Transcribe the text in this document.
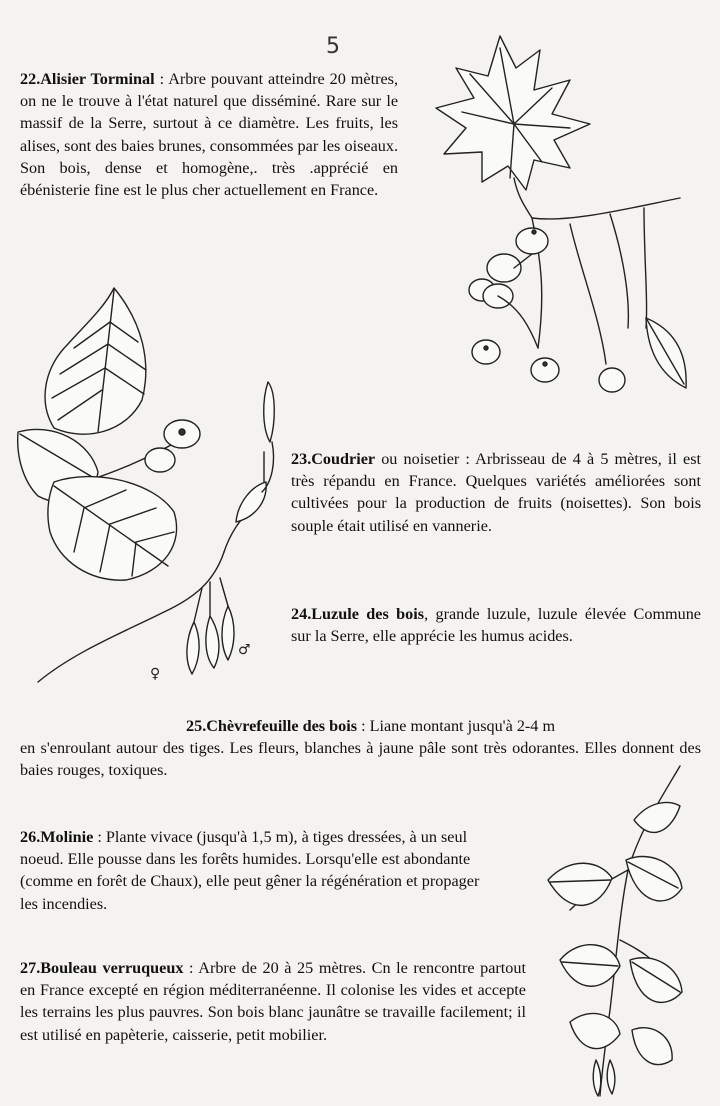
5

22.Alisier Torminal : Arbre pouvant atteindre 20 mètres, on ne le trouve à l'état naturel que disséminé. Rare sur le massif de la Serre, surtout à ce diamètre. Les fruits, les alises, sont des baies brunes, consommées par les oiseaux. Son bois, dense et homogène,. très .apprécié en ébénisterie fine est le plus cher actuellement en France.

♂
♀

23.Coudrier ou noisetier : Arbrisseau de 4 à 5 mètres, il est très répandu en France. Quelques variétés améliorées sont cultivées pour la production de fruits (noisettes). Son bois souple était utilisé en vannerie.

24.Luzule des bois, grande luzule, luzule élevée Commune sur la Serre, elle apprécie les humus acides.

25.Chèvrefeuille des bois : Liane montant jusqu'à 2-4 m
en s'enroulant autour des tiges. Les fleurs, blanches à jaune pâle sont très odorantes. Elles donnent des baies rouges, toxiques.

26.Molinie : Plante vivace (jusqu'à 1,5 m), à tiges dressées, à un seul noeud. Elle pousse dans les forêts humides. Lorsqu'elle est abondante (comme en forêt de Chaux), elle peut gêner la régénération et propager les incendies.

27.Bouleau verruqueux : Arbre de 20 à 25 mètres. Cn le rencontre partout en France excepté en région méditerranéenne. Il colonise les vides et accepte les terrains les plus pauvres. Son bois blanc jaunâtre se travaille facilement; il est utilisé en papèterie, caisserie, petit mobilier.
